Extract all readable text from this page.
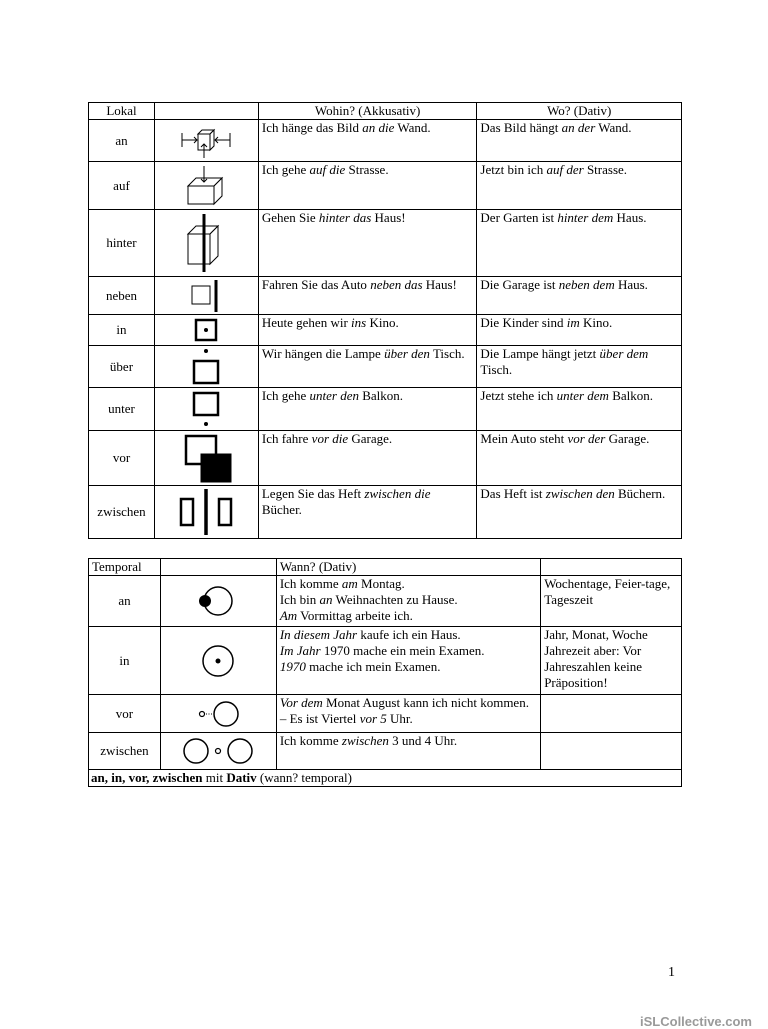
Lokal		Wohin? (Akkusativ)	Wo? (Dativ)
an		Ich hänge das Bild an die Wand.	Das Bild hängt an der Wand.
auf		Ich gehe auf die Strasse.	Jetzt bin ich auf der Strasse.
hinter		Gehen Sie hinter das Haus!	Der Garten ist hinter dem Haus.
neben		Fahren Sie das Auto neben das Haus!	Die Garage ist neben dem Haus.
in		Heute gehen wir ins Kino.	Die Kinder sind im Kino.
über		Wir hängen die Lampe über den Tisch.	Die Lampe hängt jetzt über dem Tisch.
unter		Ich gehe unter den Balkon.	Jetzt stehe ich unter dem Balkon.
vor		Ich fahre vor die Garage.	Mein Auto steht vor der Garage.
zwischen		Legen Sie das Heft zwischen die Bücher.	Das Heft ist zwischen den Büchern.
Temporal		Wann? (Dativ)	
an		Ich komme am Montag.
Ich bin an Weihnachten zu Hause.
Am Vormittag arbeite ich.	Wochentage, Feier-tage, Tageszeit
in		In diesem Jahr kaufe ich ein Haus.
Im Jahr 1970 mache ein mein Examen.
1970 mache ich mein Examen.	Jahr, Monat, Woche Jahrezeit aber: Vor Jahreszahlen keine Präposition!
vor		Vor dem Monat August kann ich nicht kommen. – Es ist Viertel vor 5 Uhr.	

zwischen		Ich komme zwischen 3 und 4 Uhr.	

an, in, vor, zwischen mit Dativ (wann? temporal)			
1
iSLCollective.com
